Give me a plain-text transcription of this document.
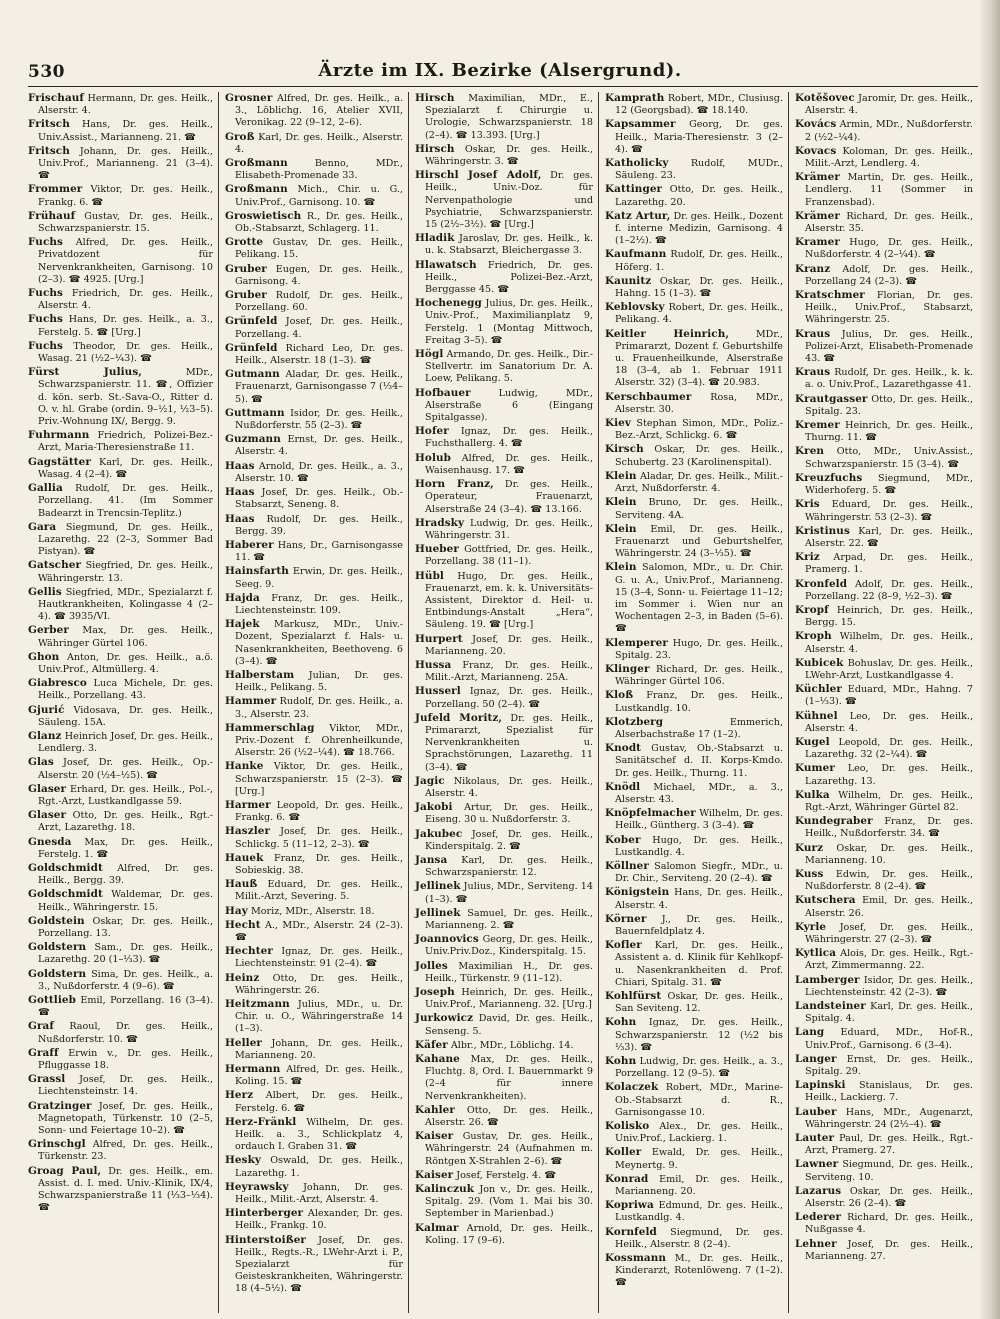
530	Ärzte im IX. Bezirke (Alsergrund).
Frischauf Hermann, Dr. ges. Heilk., Alserstr. 4.
Fritsch Hans, Dr. ges. Heilk., Univ.Assist., Marianneng. 21. ☎
Fritsch Johann, Dr. ges. Heilk., Univ.Prof., Marianneng. 21 (3–4). ☎
Frommer Viktor, Dr. ges. Heilk., Frankg. 6. ☎
Frühauf Gustav, Dr. ges. Heilk., Schwarzspanierstr. 15.
Fuchs Alfred, Dr. ges. Heilk., Privatdozent für Nervenkrankheiten, Garnisong. 10 (2–3). ☎ 4925. [Urg.]
Fuchs Friedrich, Dr. ges. Heilk., Alserstr. 4.
Fuchs Hans, Dr. ges. Heilk., a. 3., Ferstelg. 5. ☎ [Urg.]
Fuchs Theodor, Dr. ges. Heilk., Wasag. 21 (½2–¼3). ☎
Fürst Julius, MDr., Schwarzspanierstr. 11. ☎, Offizier d. kön. serb. St.-Sava-O., Ritter d. O. v. hl. Grabe (ordin. 9–½1, ½3–5). Priv.-Wohnung IX/, Bergg. 9.
Fuhrmann Friedrich, Polizei-Bez.-Arzt, Maria-Theresienstraße 11.
Gagstätter Karl, Dr. ges. Heilk., Wasag. 4 (2–4). ☎
Gallia Rudolf, Dr. ges. Heilk., Porzellang. 41. (Im Sommer Badearzt in Trencsin-Teplitz.)
Gara Siegmund, Dr. ges. Heilk., Lazarethg. 22 (2–3, Sommer Bad Pistyan). ☎
Gatscher Siegfried, Dr. ges. Heilk., Währingerstr. 13.
Gellis Siegfried, MDr., Spezialarzt f. Hautkrankheiten, Kolingasse 4 (2–4). ☎ 3935/VI.
Gerber Max, Dr. ges. Heilk., Währinger Gürtel 106.
Ghon Anton, Dr. ges. Heilk., a.ö. Univ.Prof., Altmüllerg. 4.
Giabresco Luca Michele, Dr. ges. Heilk., Porzellang. 43.
Gjurić Vidosava, Dr. ges. Heilk., Säuleng. 15A.
Glanz Heinrich Josef, Dr. ges. Heilk., Lendlerg. 3.
Glas Josef, Dr. ges. Heilk., Op.-Alserstr. 20 (½4–½5). ☎
Glaser Erhard, Dr. ges. Heilk., Pol.-, Rgt.-Arzt, Lustkandlgasse 59.
Glaser Otto, Dr. ges. Heilk., Rgt.-Arzt, Lazarethg. 18.
Gnesda Max, Dr. ges. Heilk., Ferstelg. 1. ☎
Goldschmidt Alfred, Dr. ges. Heilk., Bergg. 39.
Goldschmidt Waldemar, Dr. ges. Heilk., Währingerstr. 15.
Goldstein Oskar, Dr. ges. Heilk., Porzellang. 13.
Goldstern Sam., Dr. ges. Heilk., Lazarethg. 20 (1–⅓3). ☎
Goldstern Sima, Dr. ges. Heilk., a. 3., Nußdorferstr. 4 (9–6). ☎
Gottlieb Emil, Porzellang. 16 (3–4). ☎
Graf Raoul, Dr. ges. Heilk., Nußdorferstr. 10. ☎
Graff Erwin v., Dr. ges. Heilk., Pfluggasse 18.
Grassl Josef, Dr. ges. Heilk., Liechtensteinstr. 14.
Gratzinger Josef, Dr. ges. Heilk., Magnetopath, Türkenstr. 10 (2–5, Sonn- und Feiertage 10–2). ☎
Grinschgl Alfred, Dr. ges. Heilk., Türkenstr. 23.
Groag Paul, Dr. ges. Heilk., em. Assist. d. I. med. Univ.-Klinik, IX/4, Schwarzspanierstraße 11 (⅓3–⅓4). ☎
Grosner Alfred, Dr. ges. Heilk., a. 3., Löblichg. 16, Atelier XVII, Veronikag. 22 (9–12, 2–6).
Groß Karl, Dr. ges. Heilk., Alserstr. 4.
Großmann Benno, MDr., Elisabeth-Promenade 33.
Großmann Mich., Chir. u. G., Univ.Prof., Garnisong. 10. ☎
Groswietisch R., Dr. ges. Heilk., Ob.-Stabsarzt, Schlagerg. 11.
Grotte Gustav, Dr. ges. Heilk., Pelikang. 15.
Gruber Eugen, Dr. ges. Heilk., Garnisong. 4.
Gruber Rudolf, Dr. ges. Heilk., Porzellang. 60.
Grünfeld Josef, Dr. ges. Heilk., Porzellang. 4.
Grünfeld Richard Leo, Dr. ges. Heilk., Alserstr. 18 (1–3). ☎
Gutmann Aladar, Dr. ges. Heilk., Frauenarzt, Garnisongasse 7 (⅓4–5). ☎
Guttmann Isidor, Dr. ges. Heilk., Nußdorferstr. 55 (2–3). ☎
Guzmann Ernst, Dr. ges. Heilk., Alserstr. 4.
Haas Arnold, Dr. ges. Heilk., a. 3., Alserstr. 10. ☎
Haas Josef, Dr. ges. Heilk., Ob.-Stabsarzt, Seneng. 8.
Haas Rudolf, Dr. ges. Heilk., Bergg. 39.
Haberer Hans, Dr., Garnisongasse 11. ☎
Hainsfarth Erwin, Dr. ges. Heilk., Seeg. 9.
Hajda Franz, Dr. ges. Heilk., Liechtensteinstr. 109.
Hajek Markusz, MDr., Univ.-Dozent, Spezialarzt f. Hals- u. Nasenkrankheiten, Beethoveng. 6 (3–4). ☎
Halberstam Julian, Dr. ges. Heilk., Pelikang. 5.
Hammer Rudolf, Dr. ges. Heilk., a. 3., Alserstr. 23.
Hammerschlag Viktor, MDr., Priv.-Dozent f. Ohrenheilkunde, Alserstr. 26 (½2–¼4). ☎ 18.766.
Hanke Viktor, Dr. ges. Heilk., Schwarzspanierstr. 15 (2–3). ☎ [Urg.]
Harmer Leopold, Dr. ges. Heilk., Frankg. 6. ☎
Haszler Josef, Dr. ges. Heilk., Schlickg. 5 (11–12, 2–3). ☎
Hauek Franz, Dr. ges. Heilk., Sobieskig. 38.
Hauß Eduard, Dr. ges. Heilk., Milit.-Arzt, Severing. 5.
Hay Moriz, MDr., Alserstr. 18.
Hecht A., MDr., Alserstr. 24 (2–3). ☎
Hechter Ignaz, Dr. ges. Heilk., Liechtensteinstr. 91 (2–4). ☎
Heinz Otto, Dr. ges. Heilk., Währingerstr. 26.
Heitzmann Julius, MDr., u. Dr. Chir. u. O., Währingerstraße 14 (1–3).
Heller Johann, Dr. ges. Heilk., Marianneng. 20.
Hermann Alfred, Dr. ges. Heilk., Koling. 15. ☎
Herz Albert, Dr. ges. Heilk., Ferstelg. 6. ☎
Herz-Fränkl Wilhelm, Dr. ges. Heilk. a. 3., Schlickplatz 4, ordauch I. Graben 31. ☎
Hesky Oswald, Dr. ges. Heilk., Lazarethg. 1.
Heyrawsky Johann, Dr. ges. Heilk., Milit.-Arzt, Alserstr. 4.
Hinterberger Alexander, Dr. ges. Heilk., Frankg. 10.
Hinterstoißer Josef, Dr. ges. Heilk., Regts.-R., LWehr-Arzt i. P., Spezialarzt für Geisteskrankheiten, Währingerstr. 18 (4–5½). ☎
Hirsch Maximilian, MDr., E., Spezialarzt f. Chirurgie u. Urologie, Schwarzspanierstr. 18 (2–4). ☎ 13.393. [Urg.]
Hirsch Oskar, Dr. ges. Heilk., Währingerstr. 3. ☎
Hirschl Josef Adolf, Dr. ges. Heilk., Univ.-Doz. für Nervenpathologie und Psychiatrie, Schwarzspanierstr. 15 (2½–3½). ☎ [Urg.]
Hladik Jaroslav, Dr. ges. Heilk., k. u. k. Stabsarzt, Bleichergasse 3.
Hlawatsch Friedrich, Dr. ges. Heilk., Polizei-Bez.-Arzt, Berggasse 45. ☎
Hochenegg Julius, Dr. ges. Heilk., Univ.-Prof., Maximilianplatz 9, Ferstelg. 1 (Montag Mittwoch, Freitag 3–5). ☎
Högl Armando, Dr. ges. Heilk., Dir.-Stellvertr. im Sanatorium Dr. A. Loew, Pelikang. 5.
Hofbauer Ludwig, MDr., Alserstraße 6 (Eingang Spitalgasse).
Hofer Ignaz, Dr. ges. Heilk., Fuchsthallerg. 4. ☎
Holub Alfred, Dr. ges. Heilk., Waisenhausg. 17. ☎
Horn Franz, Dr. ges. Heilk., Operateur, Frauenarzt, Alserstraße 24 (3–4). ☎ 13.166.
Hradsky Ludwig, Dr. ges. Heilk., Währingerstr. 31.
Hueber Gottfried, Dr. ges. Heilk., Porzellang. 38 (11–1).
Hübl Hugo, Dr. ges. Heilk., Frauenarzt, em. k. k. Universitäts-Assistent, Direktor d. Heil- u. Entbindungs-Anstalt „Hera“, Säuleng. 19. ☎ [Urg.]
Hurpert Josef, Dr. ges. Heilk., Marianneng. 20.
Hussa Franz, Dr. ges. Heilk., Milit.-Arzt, Marianneng. 25A.
Husserl Ignaz, Dr. ges. Heilk., Porzellang. 50 (2–4). ☎
Jufeld Moritz, Dr. ges. Heilk., Primararzt, Spezialist für Nervenkrankheiten u. Sprachstörungen, Lazarethg. 11 (3–4). ☎
Jagic Nikolaus, Dr. ges. Heilk., Alserstr. 4.
Jakobi Artur, Dr. ges. Heilk., Eiseng. 30 u. Nußdorferstr. 3.
Jakubec Josef, Dr. ges. Heilk., Kinderspitalg. 2. ☎
Jansa Karl, Dr. ges. Heilk., Schwarzspanierstr. 12.
Jellinek Julius, MDr., Serviteng. 14 (1–3). ☎
Jellinek Samuel, Dr. ges. Heilk., Marianneng. 2. ☎
Joannovics Georg, Dr. ges. Heilk., Univ.Priv.Doz., Kinderspitalg. 15.
Jolles Maximilian H., Dr. ges. Heilk., Türkenstr. 9 (11–12).
Joseph Heinrich, Dr. ges. Heilk., Univ.Prof., Marianneng. 32. [Urg.]
Jurkowicz David, Dr. ges. Heilk., Senseng. 5.
Käfer Albr., MDr., Löblichg. 14.
Kahane Max, Dr. ges. Heilk., Fluchtg. 8, Ord. I. Bauernmarkt 9 (2–4 für innere Nervenkrankheiten).
Kahler Otto, Dr. ges. Heilk., Alserstr. 26. ☎
Kaiser Gustav, Dr. ges. Heilk., Währingerstr. 24 (Aufnahmen m. Röntgen X-Strahlen 2–6). ☎
Kaiser Josef, Ferstelg. 4. ☎
Kalinczuk Jon v., Dr. ges. Heilk., Spitalg. 29. (Vom 1. Mai bis 30. September in Marienbad.)
Kalmar Arnold, Dr. ges. Heilk., Koling. 17 (9–6).
Kamprath Robert, MDr., Clusiusg. 12 (Georgsbad). ☎ 18.140.
Kapsammer Georg, Dr. ges. Heilk., Maria-Theresienstr. 3 (2–4). ☎
Katholicky Rudolf, MUDr., Säuleng. 23.
Kattinger Otto, Dr. ges. Heilk., Lazarethg. 20.
Katz Artur, Dr. ges. Heilk., Dozent f. interne Medizin, Garnisong. 4 (1–2½). ☎
Kaufmann Rudolf, Dr. ges. Heilk., Höferg. 1.
Kaunitz Oskar, Dr. ges. Heilk., Hahng. 15 (1–3). ☎
Keblovsky Robert, Dr. ges. Heilk., Pelikang. 4.
Keitler Heinrich, MDr., Primararzt, Dozent f. Geburtshilfe u. Frauenheilkunde, Alserstraße 18 (3–4, ab 1. Februar 1911 Alserstr. 32) (3–4). ☎ 20.983.
Kerschbaumer Rosa, MDr., Alserstr. 30.
Kiev Stephan Simon, MDr., Poliz.-Bez.-Arzt, Schlickg. 6. ☎
Kirsch Oskar, Dr. ges. Heilk., Schubertg. 23 (Karolinenspital).
Klein Aladar, Dr. ges. Heilk., Milit.-Arzt, Nußdorferstr. 4.
Klein Bruno, Dr. ges. Heilk., Serviteng. 4A.
Klein Emil, Dr. ges. Heilk., Frauenarzt und Geburtshelfer, Währingerstr. 24 (3–⅓5). ☎
Klein Salomon, MDr., u. Dr. Chir. G. u. A., Univ.Prof., Marianneng. 15 (3–4, Sonn- u. Feiertage 11–12; im Sommer i. Wien nur an Wochentagen 2–3, in Baden (5–6). ☎
Klemperer Hugo, Dr. ges. Heilk., Spitalg. 23.
Klinger Richard, Dr. ges. Heilk., Währinger Gürtel 106.
Kloß Franz, Dr. ges. Heilk., Lustkandlg. 10.
Klotzberg Emmerich, Alserbachstraße 17 (1–2).
Knodt Gustav, Ob.-Stabsarzt u. Sanitätschef d. II. Korps-Kmdo. Dr. ges. Heilk., Thurng. 11.
Knödl Michael, MDr., a. 3., Alserstr. 43.
Knöpfelmacher Wilhelm, Dr. ges. Heilk., Güntherg. 3 (3–4). ☎
Kober Hugo, Dr. ges. Heilk., Lustkandlg. 4.
Köllner Salomon Siegfr., MDr., u. Dr. Chir., Serviteng. 20 (2–4). ☎
Königstein Hans, Dr. ges. Heilk., Alserstr. 4.
Körner J., Dr. ges. Heilk., Bauernfeldplatz 4.
Kofler Karl, Dr. ges. Heilk., Assistent a. d. Klinik für Kehlkopf- u. Nasenkrankheiten d. Prof. Chiari, Spitalg. 31. ☎
Kohlfürst Oskar, Dr. ges. Heilk., San Seviteng. 12.
Kohn Ignaz, Dr. ges. Heilk., Schwarzspanierstr. 12 (½2 bis ⅓3). ☎
Kohn Ludwig, Dr. ges. Heilk., a. 3., Porzellang. 12 (9–5). ☎
Kolaczek Robert, MDr., Marine-Ob.-Stabsarzt d. R., Garnisongasse 10.
Kolisko Alex., Dr. ges. Heilk., Univ.Prof., Lackierg. 1.
Koller Ewald, Dr. ges. Heilk., Meynertg. 9.
Konrad Emil, Dr. ges. Heilk., Marianneng. 20.
Kopriwa Edmund, Dr. ges. Heilk., Lustkandlg. 4.
Kornfeld Siegmund, Dr. ges. Heilk., Alserstr. 8 (2–4).
Kossmann M., Dr. ges. Heilk., Kinderarzt, Rotenlöweng. 7 (1–2). ☎
Kotěšovec Jaromir, Dr. ges. Heilk., Alserstr. 4.
Kovács Armin, MDr., Nußdorferstr. 2 (½2–¼4).
Kovacs Koloman, Dr. ges. Heilk., Milit.-Arzt, Lendlerg. 4.
Krämer Martin, Dr. ges. Heilk., Lendlerg. 11 (Sommer in Franzensbad).
Krämer Richard, Dr. ges. Heilk., Alserstr. 35.
Kramer Hugo, Dr. ges. Heilk., Nußdorferstr. 4 (2–¼4). ☎
Kranz Adolf, Dr. ges. Heilk., Porzellang 24 (2–3). ☎
Kratschmer Florian, Dr. ges. Heilk., Univ.Prof., Stabsarzt, Währingerstr. 25.
Kraus Julius, Dr. ges. Heilk., Polizei-Arzt, Elisabeth-Promenade 43. ☎
Kraus Rudolf, Dr. ges. Heilk., k. k. a. o. Univ.Prof., Lazarethgasse 41.
Krautgasser Otto, Dr. ges. Heilk., Spitalg. 23.
Kremer Heinrich, Dr. ges. Heilk., Thurng. 11. ☎
Kren Otto, MDr., Univ.Assist., Schwarzspanierstr. 15 (3–4). ☎
Kreuzfuchs Siegmund, MDr., Widerhoferg. 5. ☎
Kris Eduard, Dr. ges. Heilk., Währingerstr. 53 (2–3). ☎
Kristinus Karl, Dr. ges. Heilk., Alserstr. 22. ☎
Kriz Arpad, Dr. ges. Heilk., Pramerg. 1.
Kronfeld Adolf, Dr. ges. Heilk., Porzellang. 22 (8–9, ½2–3). ☎
Kropf Heinrich, Dr. ges. Heilk., Bergg. 15.
Kroph Wilhelm, Dr. ges. Heilk., Alserstr. 4.
Kubicek Bohuslav, Dr. ges. Heilk., LWehr-Arzt, Lustkandlgasse 4.
Küchler Eduard, MDr., Hahng. 7 (1–⅓3). ☎
Kühnel Leo, Dr. ges. Heilk., Alserstr. 4.
Kugel Leopold, Dr. ges. Heilk., Lazarethg. 32 (2–¼4). ☎
Kumer Leo, Dr. ges. Heilk., Lazarethg. 13.
Kulka Wilhelm, Dr. ges. Heilk., Rgt.-Arzt, Währinger Gürtel 82.
Kundegraber Franz, Dr. ges. Heilk., Nußdorferstr. 34. ☎
Kurz Oskar, Dr. ges. Heilk., Marianneng. 10.
Kuss Edwin, Dr. ges. Heilk., Nußdorferstr. 8 (2–4). ☎
Kutschera Emil, Dr. ges. Heilk., Alserstr. 26.
Kyrle Josef, Dr. ges. Heilk., Währingerstr. 27 (2–3). ☎
Kytlica Alois, Dr. ges. Heilk., Rgt.-Arzt, Zimmermanng. 22.
Lamberger Isidor, Dr. ges. Heilk., Liechtensteinstr. 42 (2–3). ☎
Landsteiner Karl, Dr. ges. Heilk., Spitalg. 4.
Lang Eduard, MDr., Hof-R., Univ.Prof., Garnisong. 6 (3–4).
Langer Ernst, Dr. ges. Heilk., Spitalg. 29.
Lapinski Stanislaus, Dr. ges. Heilk., Lackierg. 7.
Lauber Hans, MDr., Augenarzt, Währingerstr. 24 (2½–4). ☎
Lauter Paul, Dr. ges. Heilk., Rgt.-Arzt, Pramerg. 27.
Lawner Siegmund, Dr. ges. Heilk., Serviteng. 10.
Lazarus Oskar, Dr. ges. Heilk., Alserstr. 26 (2–4). ☎
Lederer Richard, Dr. ges. Heilk., Nußgasse 4.
Lehner Josef, Dr. ges. Heilk., Marianneng. 27.
